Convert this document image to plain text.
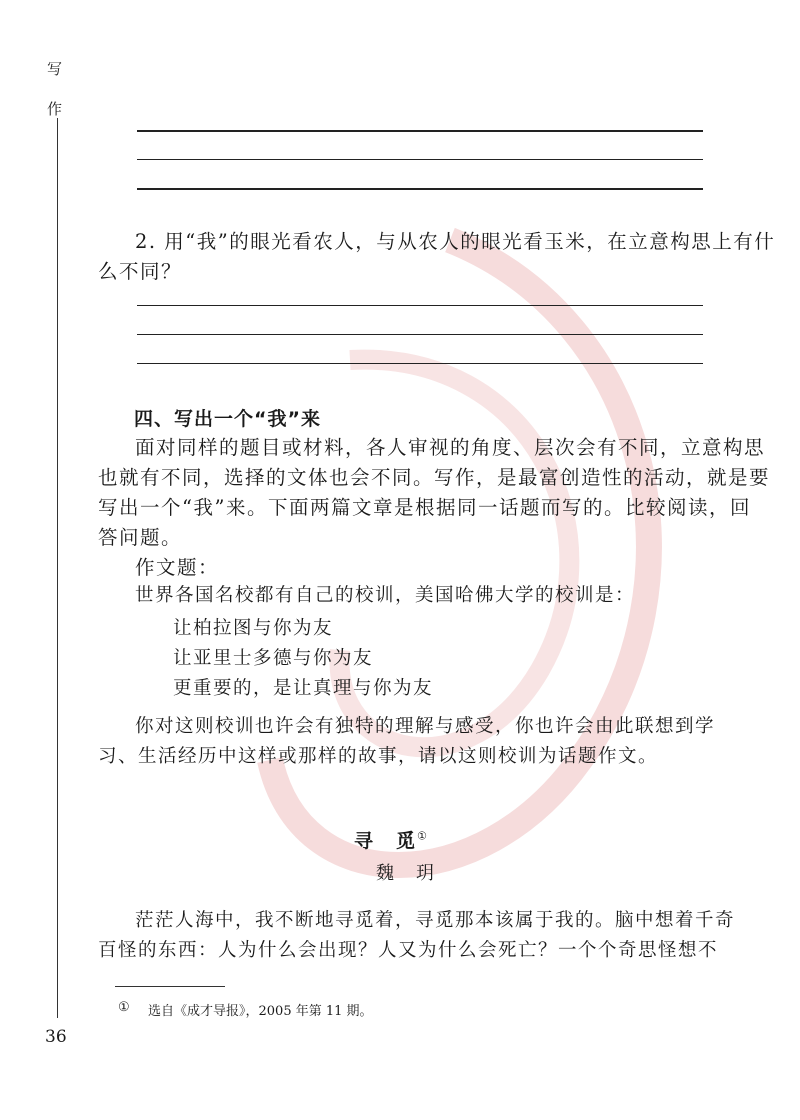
写
作
2. 用“我”的眼光看农人，与从农人的眼光看玉米，在立意构思上有什
么不同？
四、写出一个“我”来
面对同样的题目或材料，各人审视的角度、层次会有不同，立意构思
也就有不同，选择的文体也会不同。写作，是最富创造性的活动，就是要
写出一个“我”来。下面两篇文章是根据同一话题而写的。比较阅读，回
答问题。
作文题：
世界各国名校都有自己的校训，美国哈佛大学的校训是：
让柏拉图与你为友
让亚里士多德与你为友
更重要的，是让真理与你为友
你对这则校训也许会有独特的理解与感受，你也许会由此联想到学
习、生活经历中这样或那样的故事，请以这则校训为话题作文。
寻　觅①
魏　玥
茫茫人海中，我不断地寻觅着，寻觅那本该属于我的。脑中想着千奇
百怪的东西：人为什么会出现？人又为什么会死亡？一个个奇思怪想不
① 选自《成才导报》，2005 年第 11 期。
36
